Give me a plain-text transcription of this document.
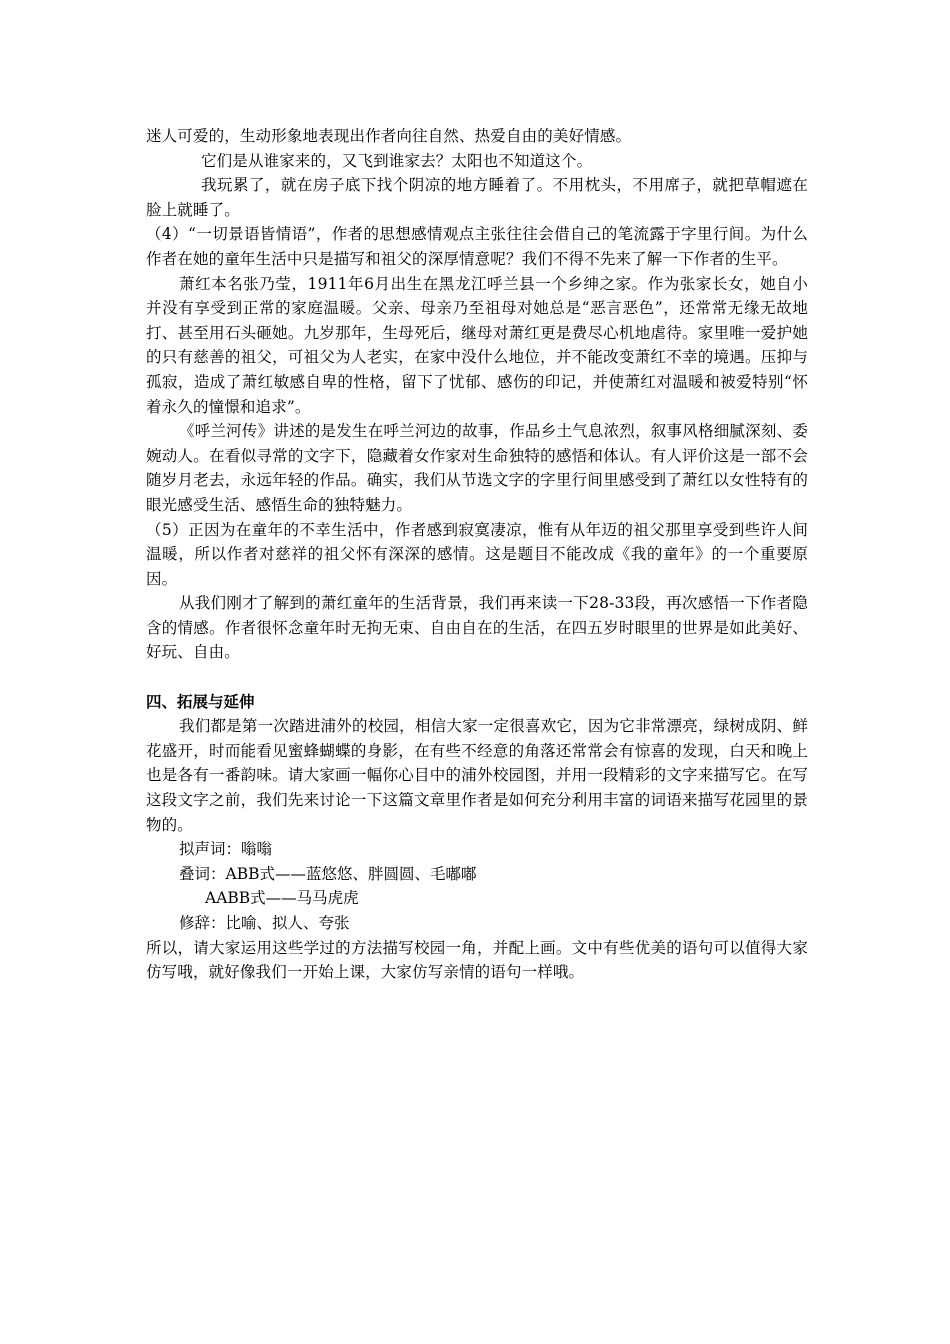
迷人可爱的，生动形象地表现出作者向往自然、热爱自由的美好情感。

它们是从谁家来的，又飞到谁家去？太阳也不知道这个。

我玩累了，就在房子底下找个阴凉的地方睡着了。不用枕头，不用席子，就把草帽遮在脸上就睡了。

（4）“一切景语皆情语”，作者的思想感情观点主张往往会借自己的笔流露于字里行间。为什么作者在她的童年生活中只是描写和祖父的深厚情意呢？我们不得不先来了解一下作者的生平。

萧红本名张乃莹，1911年6月出生在黑龙江呼兰县一个乡绅之家。作为张家长女，她自小并没有享受到正常的家庭温暖。父亲、母亲乃至祖母对她总是“恶言恶色”，还常常无缘无故地打、甚至用石头砸她。九岁那年，生母死后，继母对萧红更是费尽心机地虐待。家里唯一爱护她的只有慈善的祖父，可祖父为人老实，在家中没什么地位，并不能改变萧红不幸的境遇。压抑与孤寂，造成了萧红敏感自卑的性格，留下了忧郁、感伤的印记，并使萧红对温暖和被爱特别“怀着永久的憧憬和追求”。

《呼兰河传》讲述的是发生在呼兰河边的故事，作品乡土气息浓烈，叙事风格细腻深刻、委婉动人。在看似寻常的文字下，隐藏着女作家对生命独特的感悟和体认。有人评价这是一部不会随岁月老去，永远年轻的作品。确实，我们从节选文字的字里行间里感受到了萧红以女性特有的眼光感受生活、感悟生命的独特魅力。

（5）正因为在童年的不幸生活中，作者感到寂寞凄凉，惟有从年迈的祖父那里享受到些许人间温暖，所以作者对慈祥的祖父怀有深深的感情。这是题目不能改成《我的童年》的一个重要原因。

从我们刚才了解到的萧红童年的生活背景，我们再来读一下28-33段，再次感悟一下作者隐含的情感。作者很怀念童年时无拘无束、自由自在的生活，在四五岁时眼里的世界是如此美好、好玩、自由。

四、拓展与延伸

我们都是第一次踏进浦外的校园，相信大家一定很喜欢它，因为它非常漂亮，绿树成阴、鲜花盛开，时而能看见蜜蜂蝴蝶的身影，在有些不经意的角落还常常会有惊喜的发现，白天和晚上也是各有一番韵味。请大家画一幅你心目中的浦外校园图，并用一段精彩的文字来描写它。在写这段文字之前，我们先来讨论一下这篇文章里作者是如何充分利用丰富的词语来描写花园里的景物的。

拟声词：嗡嗡

叠词：ABB式——蓝悠悠、胖圆圆、毛嘟嘟

AABB式——马马虎虎

修辞：比喻、拟人、夸张

所以，请大家运用这些学过的方法描写校园一角，并配上画。文中有些优美的语句可以值得大家仿写哦，就好像我们一开始上课，大家仿写亲情的语句一样哦。
